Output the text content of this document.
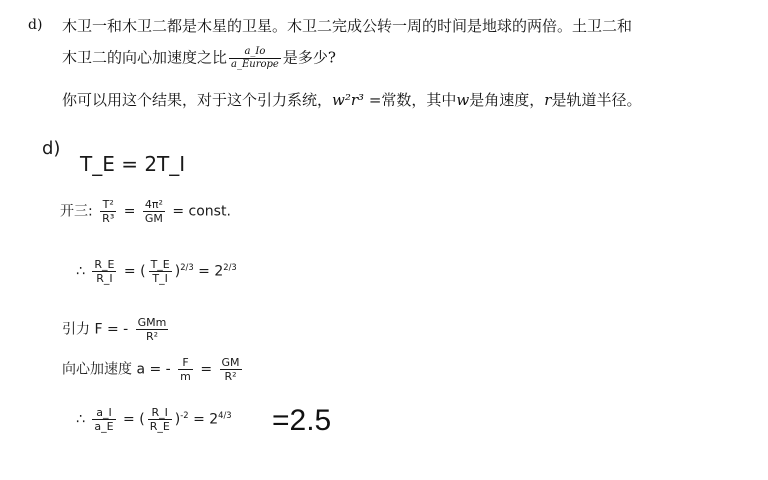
d) 木卫一和木卫二都是木星的卫星。木卫二完成公转一周的时间是地球的两倍。土卫二和
木卫二的向心加速度之比 $\frac{a\_Io}{\text{a\_Europe}}$ 是多少?
你可以用这个结果，对于这个引力系统，w²r³ =常数，其中w是角速度，r是轨道半径。
d)
T_E = 2T_I
开三: $\frac{\text{T²}}{\text{R³}} = \frac{\text{4π²}}{GM}$ = const.
∴ $\frac{R\_E}{R\_I}$ = ( $\frac{T\_E}{T\_I} )^{2/3} = 2^{2/3}$
引力 F = - GMm
R²
向心加速度 a = - $\frac{F}{m} = \frac{GM}{\text{R²}}$
∴ $\frac{a\_I}{a\_E}$ = ( $\frac{R\_I}{R\_E} )^{-2} = 2^{4/3} =2.5$
